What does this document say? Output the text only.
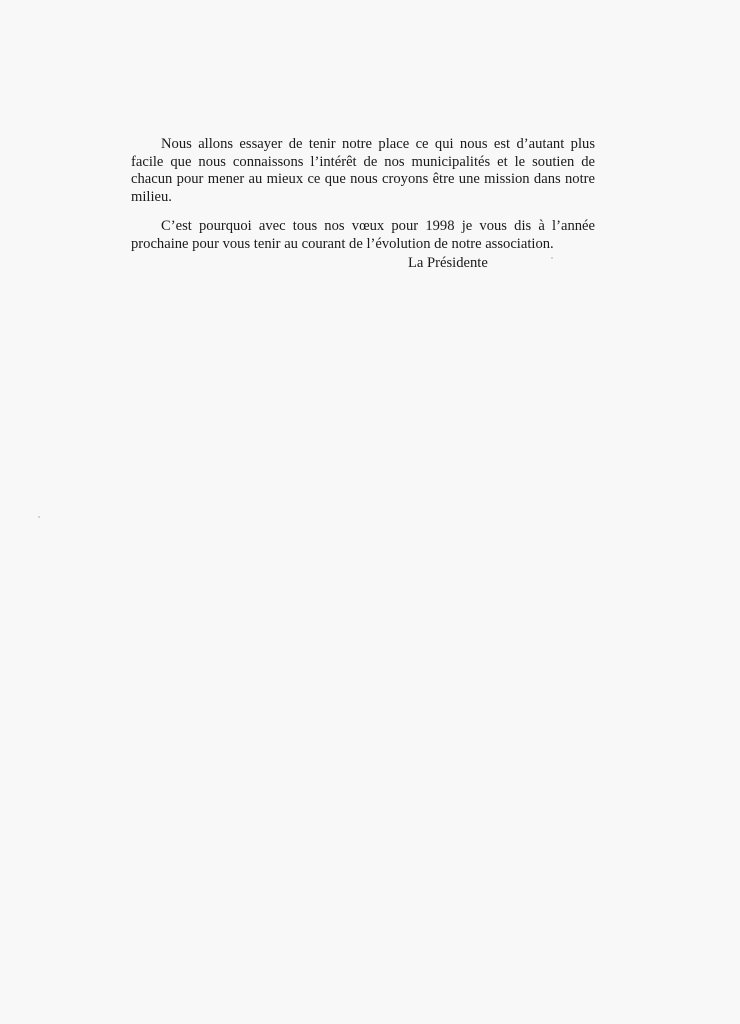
Nous allons essayer de tenir notre place ce qui nous est d’autant plus facile que nous connaissons l’intérêt de nos municipalités et le soutien de chacun pour mener au mieux ce que nous croyons être une mission dans notre milieu.

C’est pourquoi avec tous nos vœux pour 1998 je vous dis à l’année prochaine pour vous tenir au courant de l’évolution de notre association.

La Présidente
